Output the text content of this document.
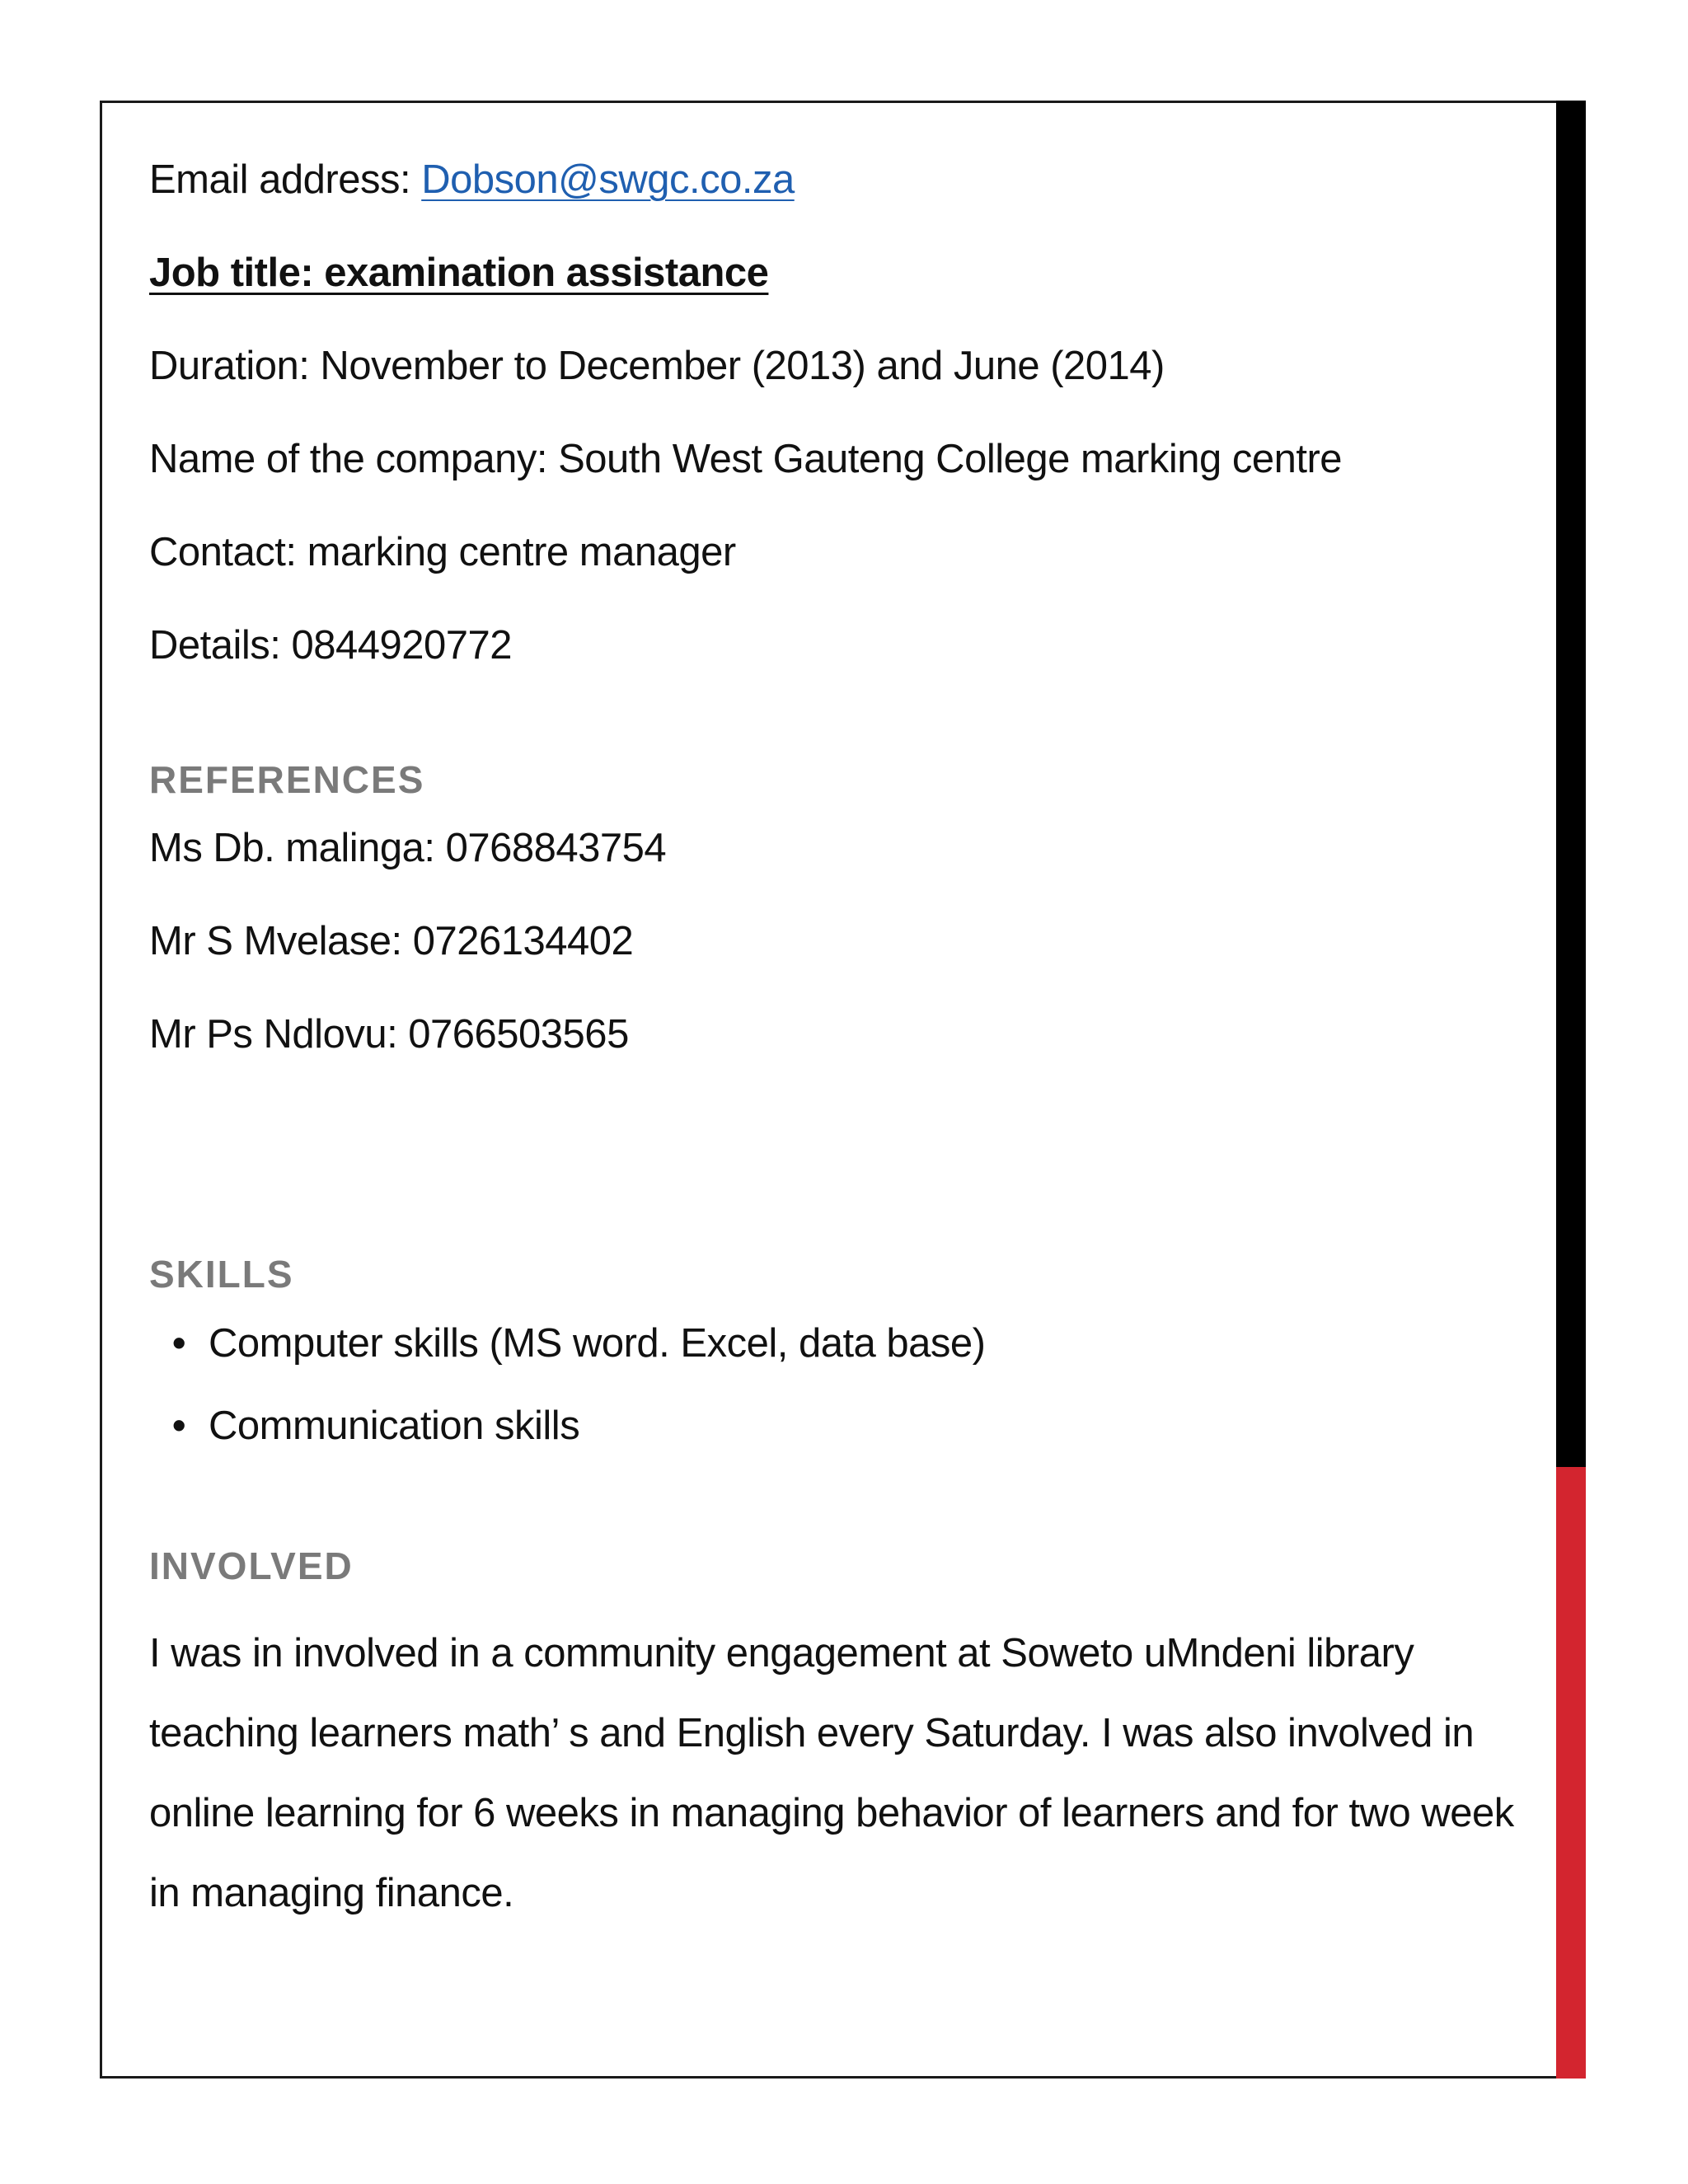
Email address: Dobson@swgc.co.za
Job title: examination assistance
Duration: November to December (2013) and June (2014)
Name of the company: South West Gauteng College marking centre
Contact: marking centre manager
Details: 0844920772
REFERENCES
Ms Db. malinga: 0768843754
Mr S Mvelase: 0726134402
Mr Ps Ndlovu: 0766503565
SKILLS
• Computer skills (MS word. Excel, data base)
• Communication skills
INVOLVED
I was in involved in a community engagement at Soweto uMndeni library teaching learners math’ s and English every Saturday. I was also involved in online learning for 6 weeks in managing behavior of learners and for two week in managing finance.
